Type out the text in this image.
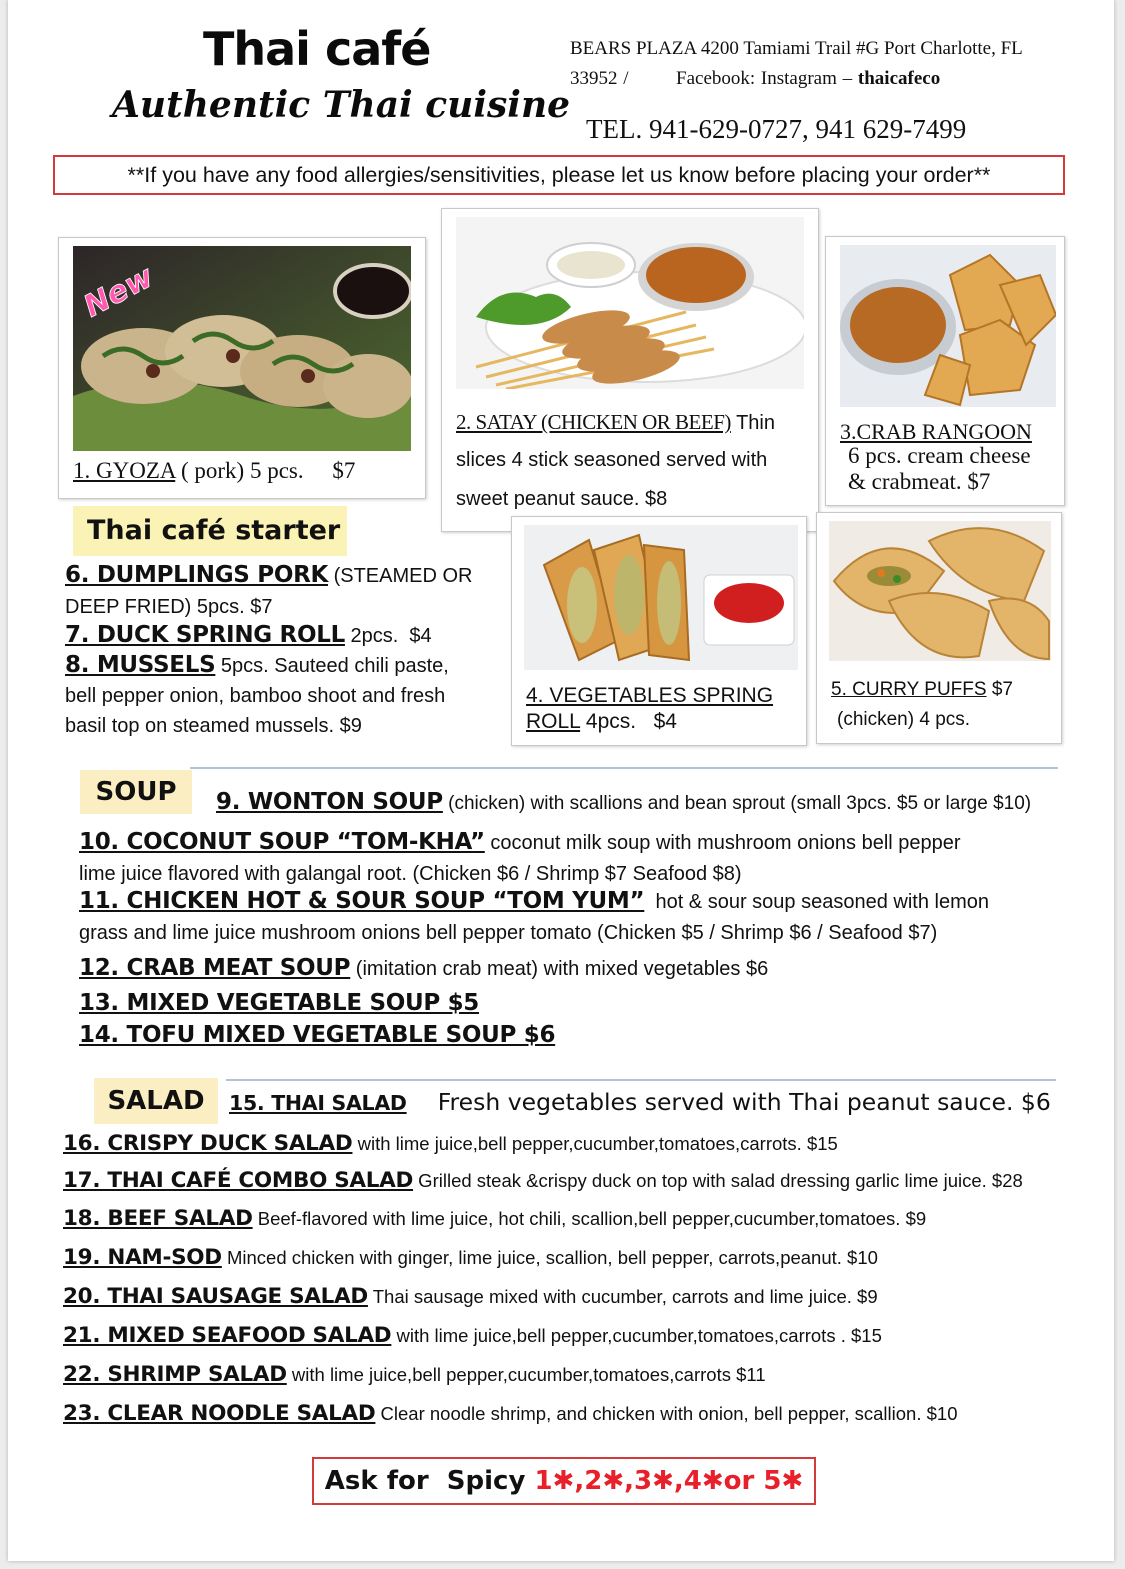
Thai café
Authentic Thai cuisine
BEARS PLAZA 4200 Tamiami Trail #G Port Charlotte, FL
33952 /	Facebook: Instagram – thaicafeco
TEL. 941-629-0727, 941 629-7499
**If you have any food allergies/sensitivities, please let us know before placing your order**
New
1. GYOZA ( pork) 5 pcs.     $7
2. SATAY (CHICKEN OR BEEF) Thin
slices 4 stick seasoned served with
sweet peanut sauce. $8
3.CRAB RANGOON
6 pcs. cream cheese
& crabmeat. $7
4. VEGETABLES SPRING
ROLL 4pcs.   $4
5. CURRY PUFFS $7
(chicken) 4 pcs.
Thai café starter
6. DUMPLINGS PORK (STEAMED OR
DEEP FRIED) 5pcs. $7
7. DUCK SPRING ROLL 2pcs.  $4
8. MUSSELS 5pcs. Sauteed chili paste,
bell pepper onion, bamboo shoot and fresh
basil top on steamed mussels. $9
SOUP	9. WONTON SOUP (chicken) with scallions and bean sprout (small 3pcs. $5 or large $10)
10. COCONUT SOUP “TOM-KHA” coconut milk soup with mushroom onions bell pepper
lime juice flavored with galangal root. (Chicken $6 / Shrimp $7 Seafood $8)
11. CHICKEN HOT & SOUR SOUP “TOM YUM”  hot & sour soup seasoned with lemon
grass and lime juice mushroom onions bell pepper tomato (Chicken $5 / Shrimp $6 / Seafood $7)
12. CRAB MEAT SOUP (imitation crab meat) with mixed vegetables $6
13. MIXED VEGETABLE SOUP $5
14. TOFU MIXED VEGETABLE SOUP $6
SALAD	15. THAI SALAD Fresh vegetables served with Thai peanut sauce. $6
16. CRISPY DUCK SALAD with lime juice,bell pepper,cucumber,tomatoes,carrots. $15
17. THAI CAFÉ COMBO SALAD Grilled steak &crispy duck on top with salad dressing garlic lime juice. $28
18. BEEF SALAD Beef-flavored with lime juice, hot chili, scallion,bell pepper,cucumber,tomatoes. $9
19. NAM-SOD Minced chicken with ginger, lime juice, scallion, bell pepper, carrots,peanut. $10
20. THAI SAUSAGE SALAD Thai sausage mixed with cucumber, carrots and lime juice. $9
21. MIXED SEAFOOD SALAD with lime juice,bell pepper,cucumber,tomatoes,carrots . $15
22. SHRIMP SALAD with lime juice,bell pepper,cucumber,tomatoes,carrots $11
23. CLEAR NOODLE SALAD Clear noodle shrimp, and chicken with onion, bell pepper, scallion. $10
Ask for  Spicy 1✱,2✱,3✱,4✱or 5✱
